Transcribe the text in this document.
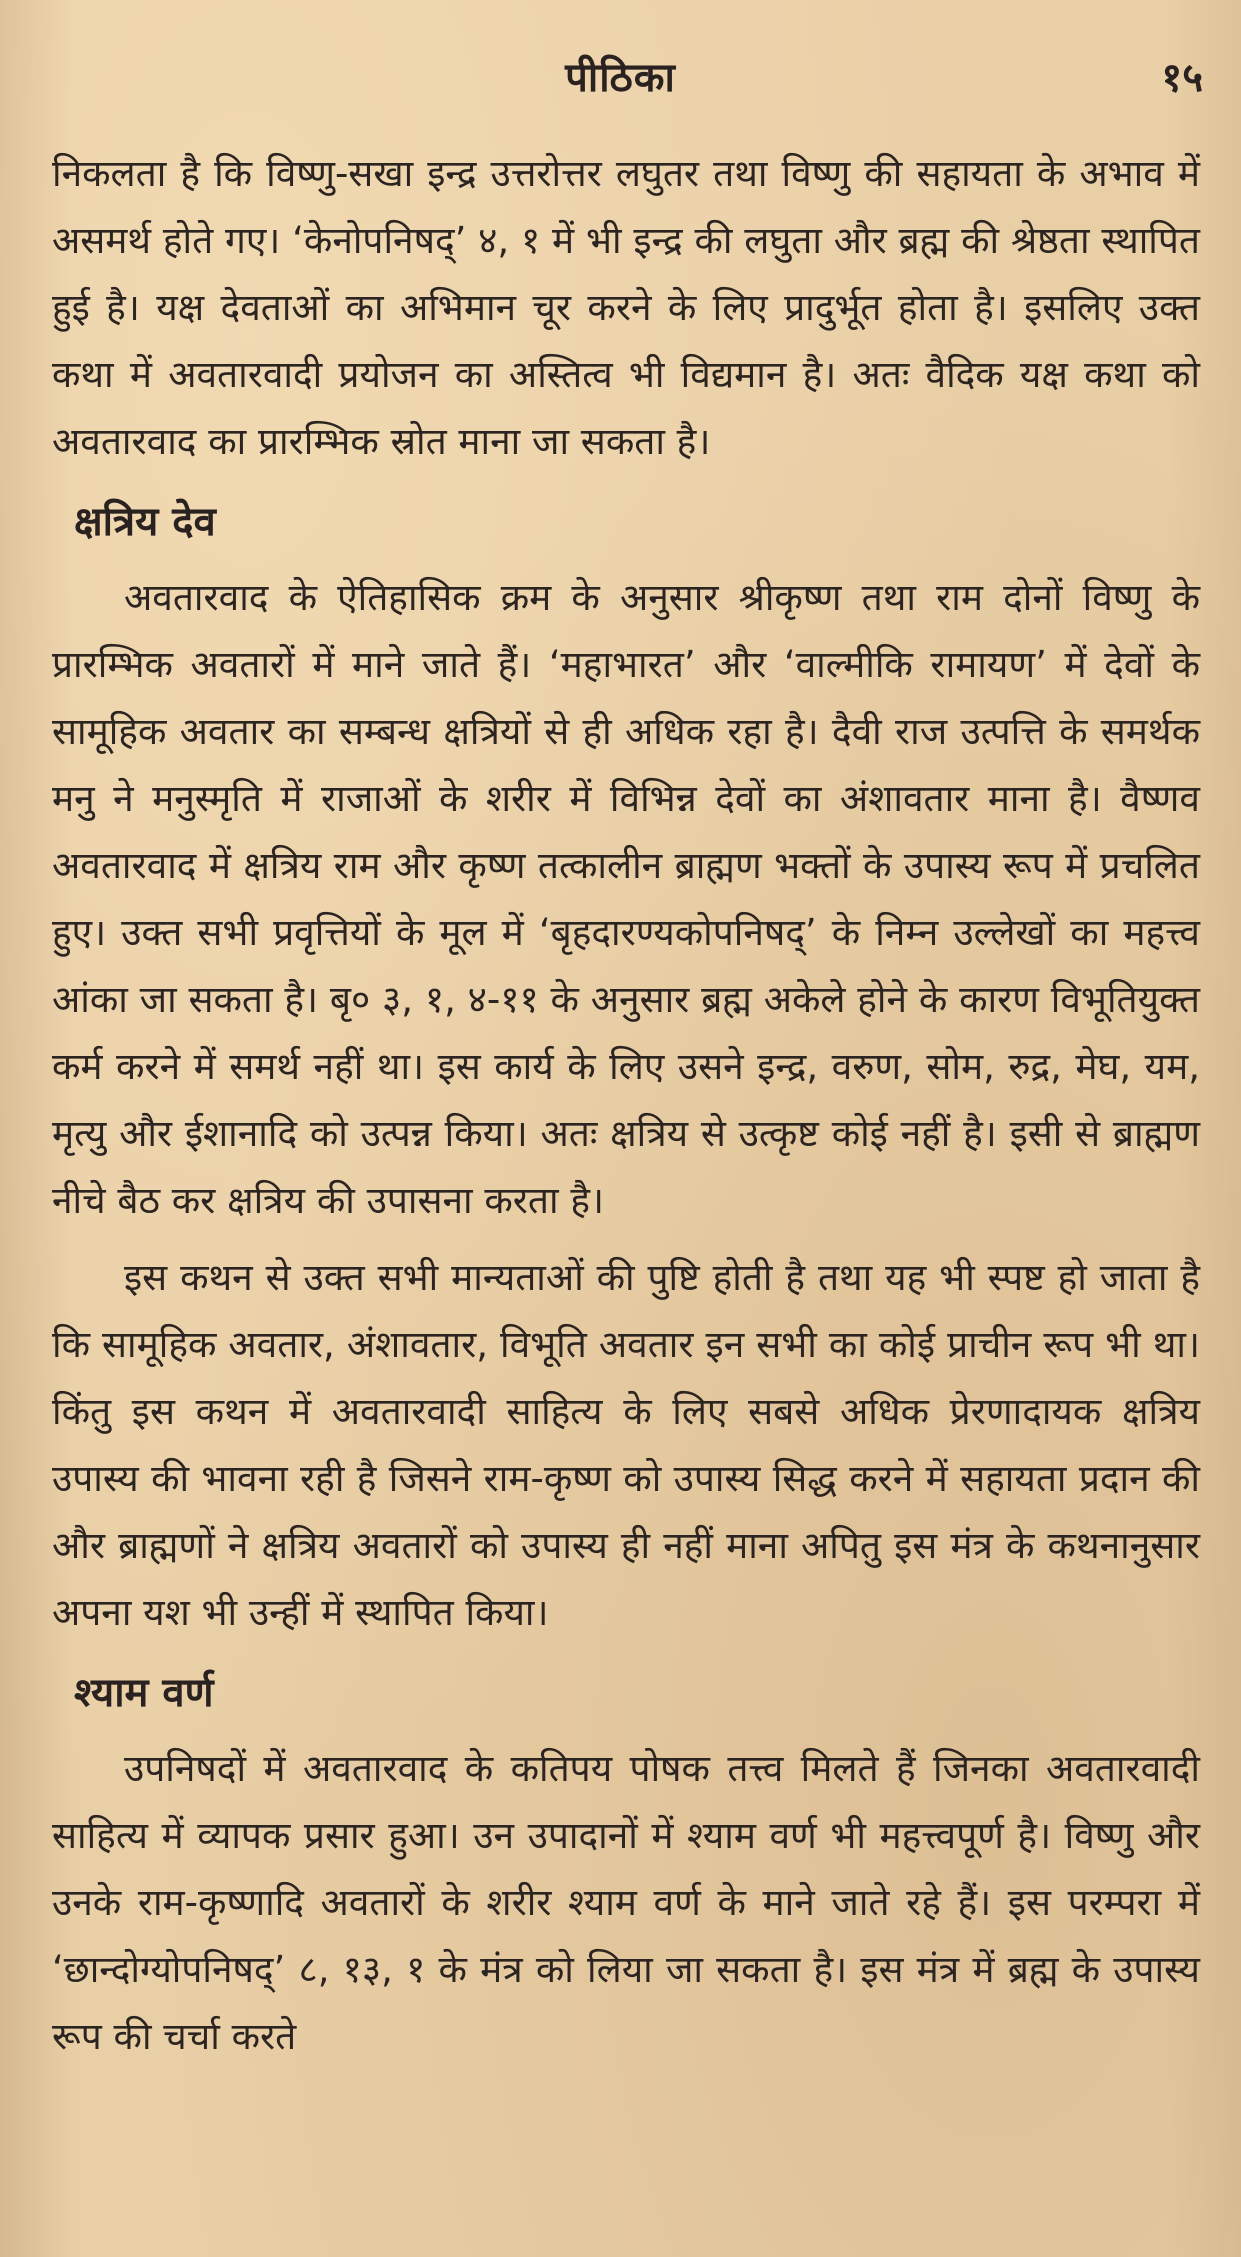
पीठिका	१५

निकलता है कि विष्णु-सखा इन्द्र उत्तरोत्तर लघुतर तथा विष्णु की सहायता के अभाव में असमर्थ होते गए। ‘केनोपनिषद्’ ४, १ में भी इन्द्र की लघुता और ब्रह्म की श्रेष्ठता स्थापित हुई है। यक्ष देवताओं का अभिमान चूर करने के लिए प्रादुर्भूत होता है। इसलिए उक्त कथा में अवतारवादी प्रयोजन का अस्तित्व भी विद्यमान है। अतः वैदिक यक्ष कथा को अवतारवाद का प्रारम्भिक स्रोत माना जा सकता है।

क्षत्रिय देव

अवतारवाद के ऐतिहासिक क्रम के अनुसार श्रीकृष्ण तथा राम दोनों विष्णु के प्रारम्भिक अवतारों में माने जाते हैं। ‘महाभारत’ और ‘वाल्मीकि रामायण’ में देवों के सामूहिक अवतार का सम्बन्ध क्षत्रियों से ही अधिक रहा है। दैवी राज उत्पत्ति के समर्थक मनु ने मनुस्मृति में राजाओं के शरीर में विभिन्न देवों का अंशावतार माना है। वैष्णव अवतारवाद में क्षत्रिय राम और कृष्ण तत्कालीन ब्राह्मण भक्तों के उपास्य रूप में प्रचलित हुए। उक्त सभी प्रवृत्तियों के मूल में ‘बृहदारण्यकोपनिषद्’ के निम्न उल्लेखों का महत्त्व आंका जा सकता है। बृ० ३, १, ४-११ के अनुसार ब्रह्म अकेले होने के कारण विभूतियुक्त कर्म करने में समर्थ नहीं था। इस कार्य के लिए उसने इन्द्र, वरुण, सोम, रुद्र, मेघ, यम, मृत्यु और ईशानादि को उत्पन्न किया। अतः क्षत्रिय से उत्कृष्ट कोई नहीं है। इसी से ब्राह्मण नीचे बैठ कर क्षत्रिय की उपासना करता है।

इस कथन से उक्त सभी मान्यताओं की पुष्टि होती है तथा यह भी स्पष्ट हो जाता है कि सामूहिक अवतार, अंशावतार, विभूति अवतार इन सभी का कोई प्राचीन रूप भी था। किंतु इस कथन में अवतारवादी साहित्य के लिए सबसे अधिक प्रेरणादायक क्षत्रिय उपास्य की भावना रही है जिसने राम-कृष्ण को उपास्य सिद्ध करने में सहायता प्रदान की और ब्राह्मणों ने क्षत्रिय अवतारों को उपास्य ही नहीं माना अपितु इस मंत्र के कथनानुसार अपना यश भी उन्हीं में स्थापित किया।

श्याम वर्ण

उपनिषदों में अवतारवाद के कतिपय पोषक तत्त्व मिलते हैं जिनका अवतारवादी साहित्य में व्यापक प्रसार हुआ। उन उपादानों में श्याम वर्ण भी महत्त्वपूर्ण है। विष्णु और उनके राम-कृष्णादि अवतारों के शरीर श्याम वर्ण के माने जाते रहे हैं। इस परम्परा में ‘छान्दोग्योपनिषद्’ ८, १३, १ के मंत्र को लिया जा सकता है। इस मंत्र में ब्रह्म के उपास्य रूप की चर्चा करते
